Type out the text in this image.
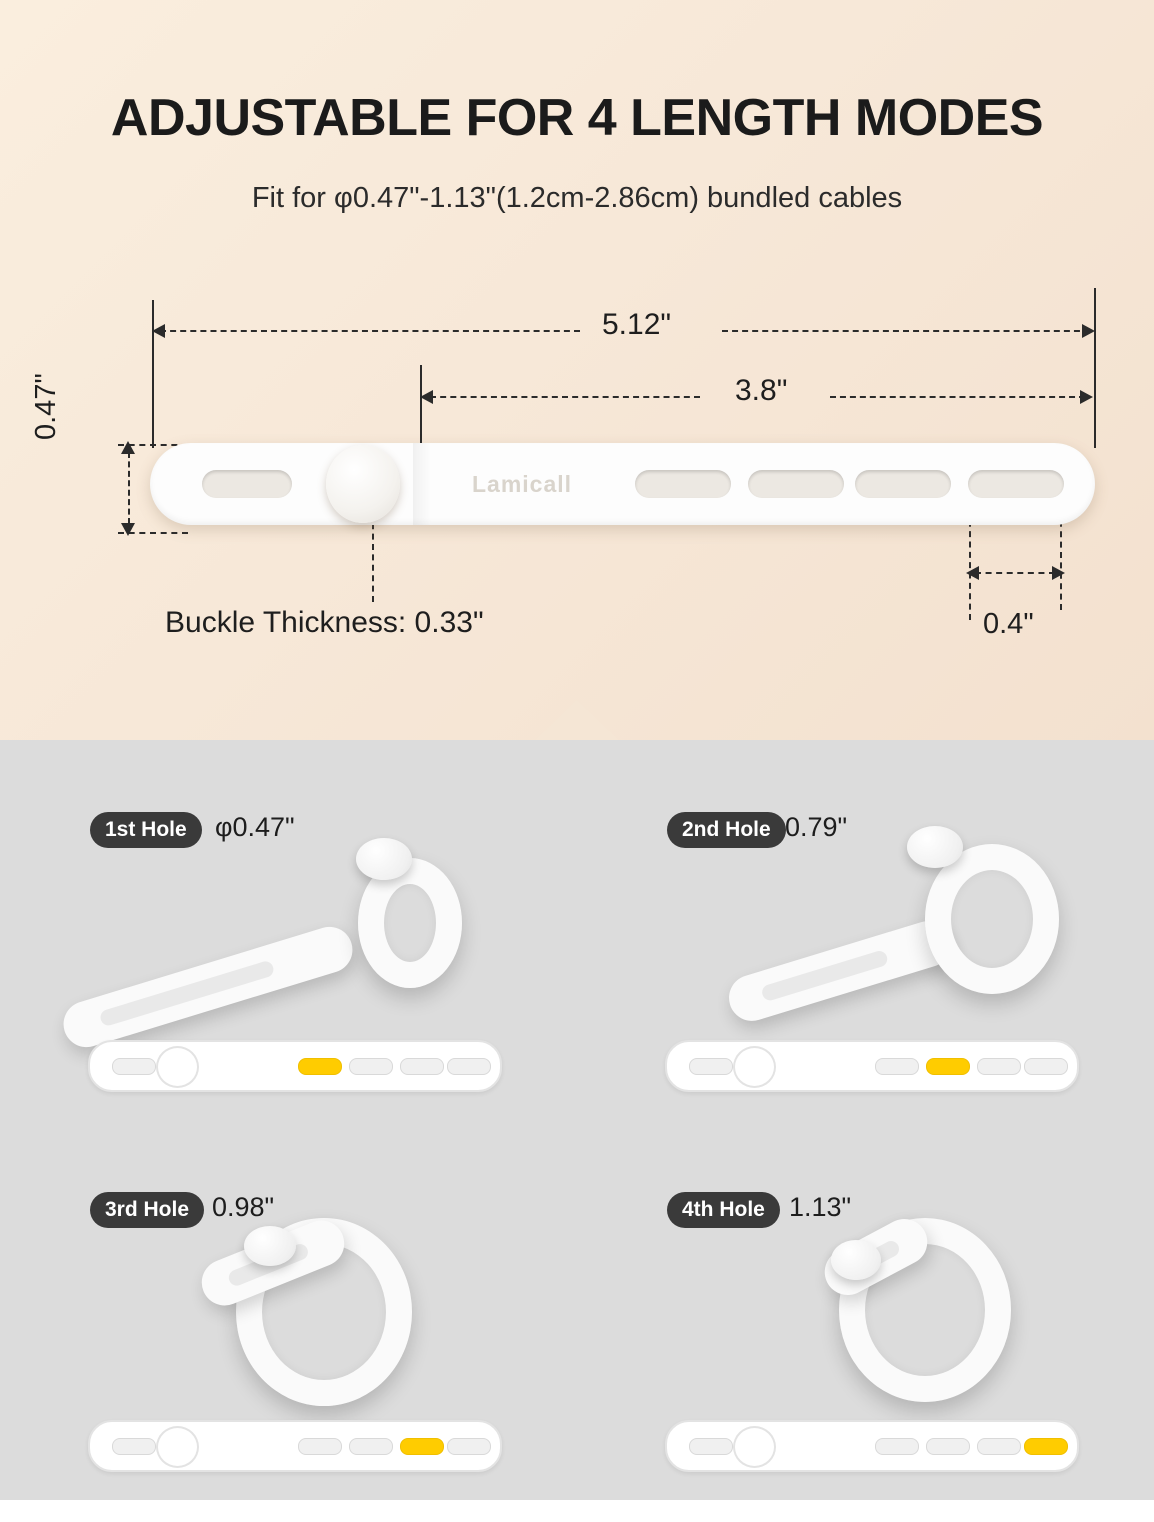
ADJUSTABLE FOR 4 LENGTH MODES
Fit for φ0.47"-1.13"(1.2cm-2.86cm) bundled cables
5.12"
3.8"
0.47"
0.4"
Buckle Thickness: 0.33"
Lamicall
1st Hole	φ0.47"	2nd Hole 0.79"
3rd Hole 0.98"	4th Hole 1.13"
